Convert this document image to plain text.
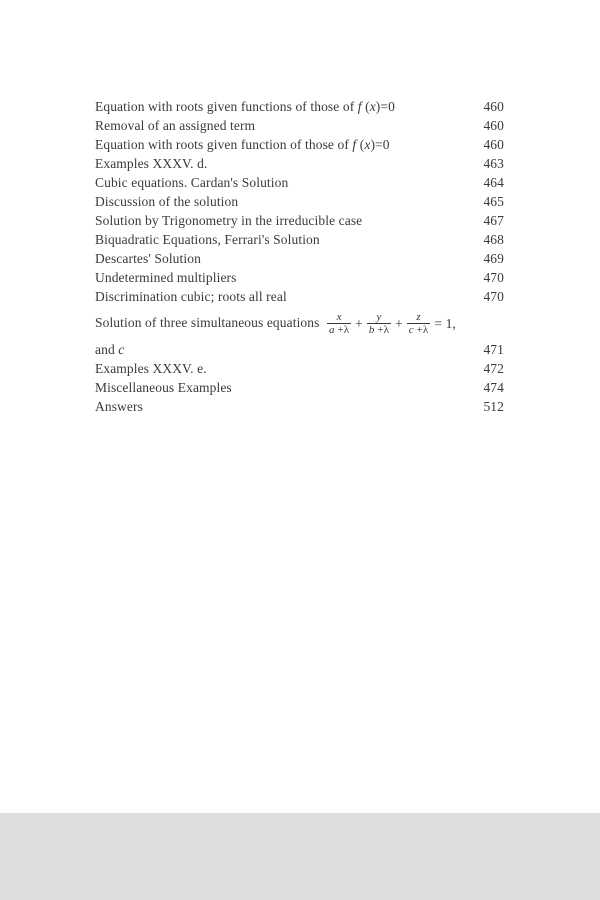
Equation with roots given functions of those of f (x)=0	460
Removal of an assigned term	460
Equation with roots given function of those of f (x)=0	460
Examples XXXV. d.	463
Cubic equations. Cardan's Solution	464
Discussion of the solution	465
Solution by Trigonometry in the irreducible case	467
Biquadratic Equations, Ferrari's Solution	468
Descartes' Solution	469
Undetermined multipliers	470
Discrimination cubic; roots all real	470
Solution of three simultaneous equations $\frac{x}{a +\lambda} + \frac{y}{b +\lambda} + \frac{z}{c +\lambda} = 1$,
and c	471
Examples XXXV. e.	472
Miscellaneous Examples	474
Answers	512
